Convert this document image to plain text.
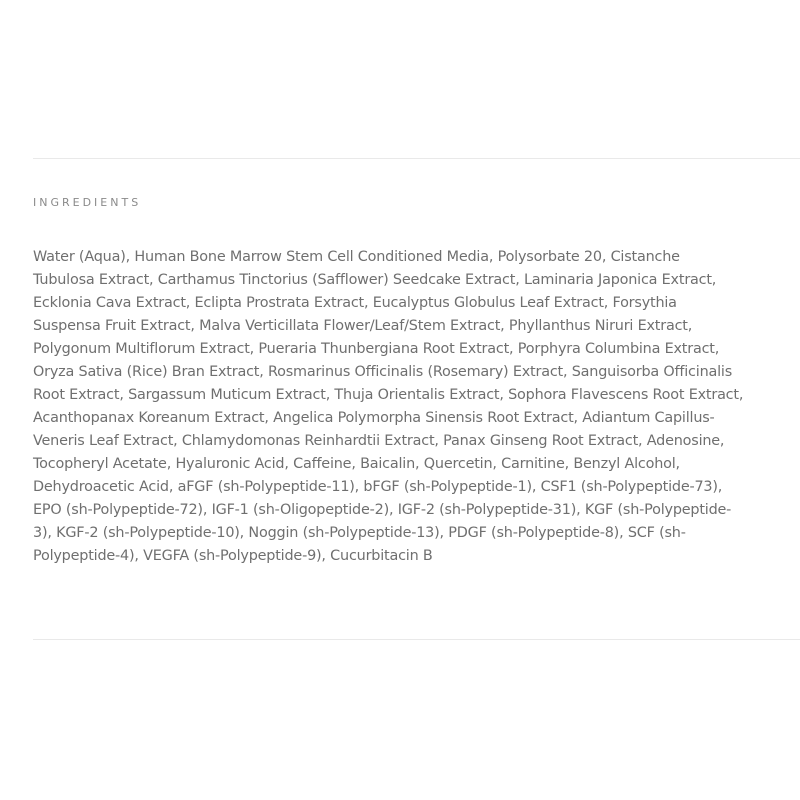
INGREDIENTS

Water (Aqua), Human Bone Marrow Stem Cell Conditioned Media, Polysorbate 20, Cistanche Tubulosa Extract, Carthamus Tinctorius (Safflower) Seedcake Extract, Laminaria Japonica Extract, Ecklonia Cava Extract, Eclipta Prostrata Extract, Eucalyptus Globulus Leaf Extract, Forsythia Suspensa Fruit Extract, Malva Verticillata Flower/Leaf/Stem Extract, Phyllanthus Niruri Extract, Polygonum Multiflorum Extract, Pueraria Thunbergiana Root Extract, Porphyra Columbina Extract, Oryza Sativa (Rice) Bran Extract, Rosmarinus Officinalis (Rosemary) Extract, Sanguisorba Officinalis Root Extract, Sargassum Muticum Extract, Thuja Orientalis Extract, Sophora Flavescens Root Extract, Acanthopanax Koreanum Extract, Angelica Polymorpha Sinensis Root Extract, Adiantum Capillus-Veneris Leaf Extract, Chlamydomonas Reinhardtii Extract, Panax Ginseng Root Extract, Adenosine, Tocopheryl Acetate, Hyaluronic Acid, Caffeine, Baicalin, Quercetin, Carnitine, Benzyl Alcohol, Dehydroacetic Acid, aFGF (sh-Polypeptide-11), bFGF (sh-Polypeptide-1), CSF1 (sh-Polypeptide-73), EPO (sh-Polypeptide-72), IGF-1 (sh-Oligopeptide-2), IGF-2 (sh-Polypeptide-31), KGF (sh-Polypeptide-3), KGF-2 (sh-Polypeptide-10), Noggin (sh-Polypeptide-13), PDGF (sh-Polypeptide-8), SCF (sh-Polypeptide-4), VEGFA (sh-Polypeptide-9), Cucurbitacin B
